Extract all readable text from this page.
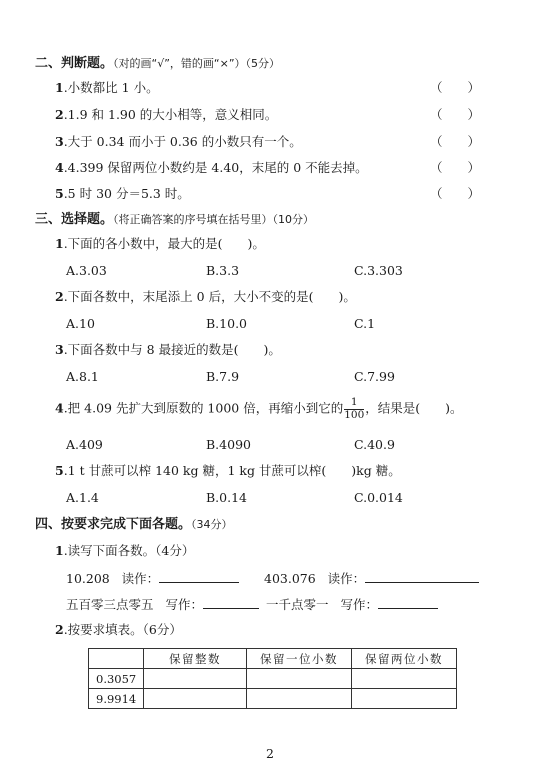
二、判断题。（对的画“√”，错的画“×”）（5分）
1.小数都比 1 小。	（　　）
2.1.9 和 1.90 的大小相等，意义相同。	（　　）
3.大于 0.34 而小于 0.36 的小数只有一个。	（　　）
4.4.399 保留两位小数约是 4.40，末尾的 0 不能去掉。	（　　）
5.5 时 30 分＝5.3 时。	（　　）
三、选择题。（将正确答案的序号填在括号里）（10分）
1.下面的各小数中，最大的是(　　)。
A.3.03	B.3.3	C.3.303
2.下面各数中，末尾添上 0 后，大小不变的是(　　)。
A.10	B.10.0	C.1
3.下面各数中与 8 最接近的数是(　　)。
A.8.1	B.7.9	C.7.99
4.把 4.09 先扩大到原数的 1000 倍，再缩小到它的 $\frac{1}{100}$ ，结果是(　　)。
A.409	B.4090	C.40.9
5.1 t 甘蔗可以榨 140 kg 糖，1 kg 甘蔗可以榨(　　)kg 糖。
A.1.4	B.0.14	C.0.014
四、按要求完成下面各题。（34分）
1.读写下面各数。（4分）
10.208 读作：	403.076 读作：
五百零三点零五 写作：	一千点零一 写作：
2.按要求填表。（6分）
	保留整数	保留一位小数	保留两位小数
0.3057			
9.9914			
2
